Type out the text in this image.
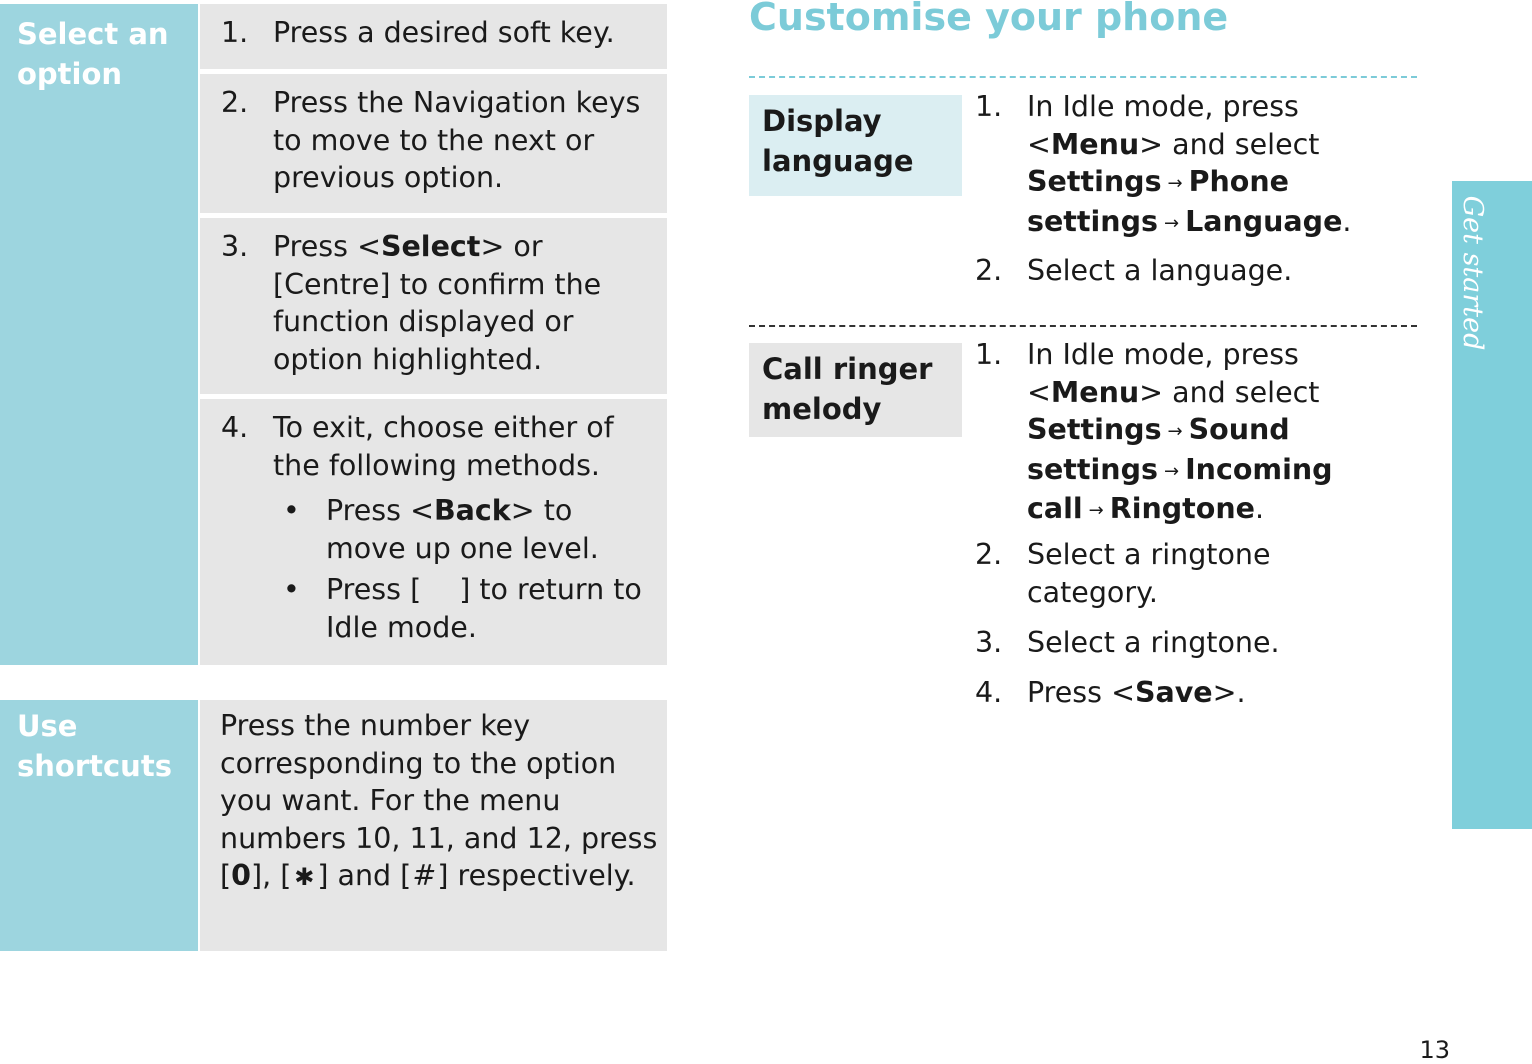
Select an option
1. Press a desired soft key.
2. Press the Navigation keys to move to the next or previous option.
3. Press <Select> or [Centre] to confirm the function displayed or option highlighted.
4. To exit, choose either of the following methods.
• Press <Back> to move up one level.
• Press [ ] to return to Idle mode.
Use shortcuts
Press the number key corresponding to the option you want. For the menu numbers 10, 11, and 12, press [0], [ ✱ ] and [#] respectively.
Customise your phone
Display language
1. In Idle mode, press <Menu> and select Settings → Phone settings → Language.
2. Select a language.
Call ringer melody
1. In Idle mode, press <Menu> and select Settings → Sound settings → Incoming call → Ringtone.
2. Select a ringtone category.
3. Select a ringtone.
4. Press <Save>.
Get started
13
